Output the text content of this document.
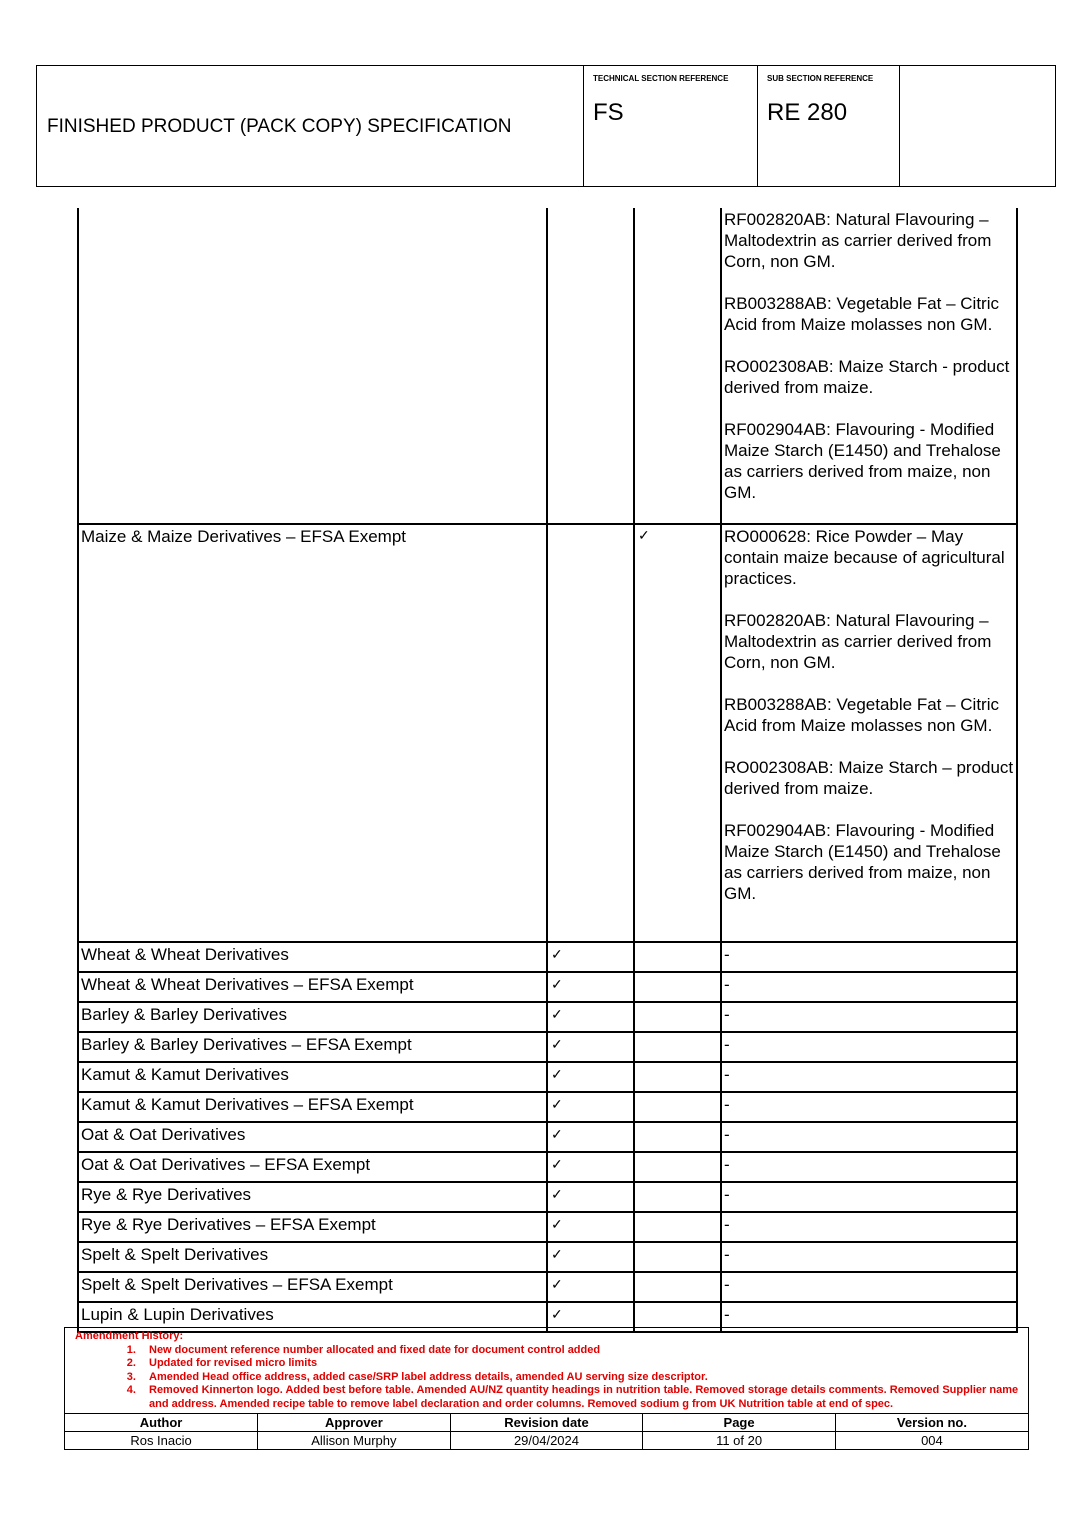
FINISHED PRODUCT (PACK COPY) SPECIFICATION
TECHNICAL SECTION REFERENCE
FS
SUB SECTION REFERENCE
RE 280

			RF002820AB: Natural Flavouring – Maltodextrin as carrier derived from Corn, non GM.

RB003288AB: Vegetable Fat – Citric Acid from Maize molasses non GM.

RO002308AB: Maize Starch - product derived from maize.

RF002904AB: Flavouring - Modified Maize Starch (E1450) and Trehalose as carriers derived from maize, non GM.

Maize & Maize Derivatives – EFSA Exempt		✓	RO000628: Rice Powder – May contain maize because of agricultural practices.

RF002820AB: Natural Flavouring – Maltodextrin as carrier derived from Corn, non GM.

RB003288AB: Vegetable Fat – Citric Acid from Maize molasses non GM.

RO002308AB: Maize Starch – product derived from maize.

RF002904AB: Flavouring - Modified Maize Starch (E1450) and Trehalose as carriers derived from maize, non GM.

Wheat & Wheat Derivatives	✓		-
Wheat & Wheat Derivatives – EFSA Exempt	✓		-
Barley & Barley Derivatives	✓		-
Barley & Barley Derivatives – EFSA Exempt	✓		-
Kamut & Kamut Derivatives	✓		-
Kamut & Kamut Derivatives – EFSA Exempt	✓		-
Oat & Oat Derivatives	✓		-
Oat & Oat Derivatives – EFSA Exempt	✓		-
Rye & Rye Derivatives	✓		-
Rye & Rye Derivatives – EFSA Exempt	✓		-
Spelt & Spelt Derivatives	✓		-
Spelt & Spelt Derivatives – EFSA Exempt	✓		-
Lupin & Lupin Derivatives	✓		-
Amendment History:
1. New document reference number allocated and fixed date for document control added
2. Updated for revised micro limits
3. Amended Head office address, added case/SRP label address details, amended AU serving size descriptor.
4. Removed Kinnerton logo. Added best before table. Amended AU/NZ quantity headings in nutrition table. Removed storage details comments. Removed Supplier name and address. Amended recipe table to remove label declaration and order columns. Removed sodium g from UK Nutrition table at end of spec.
Author	Approver	Revision date	Page	Version no.
Ros Inacio	Allison Murphy	29/04/2024	11 of 20	004
